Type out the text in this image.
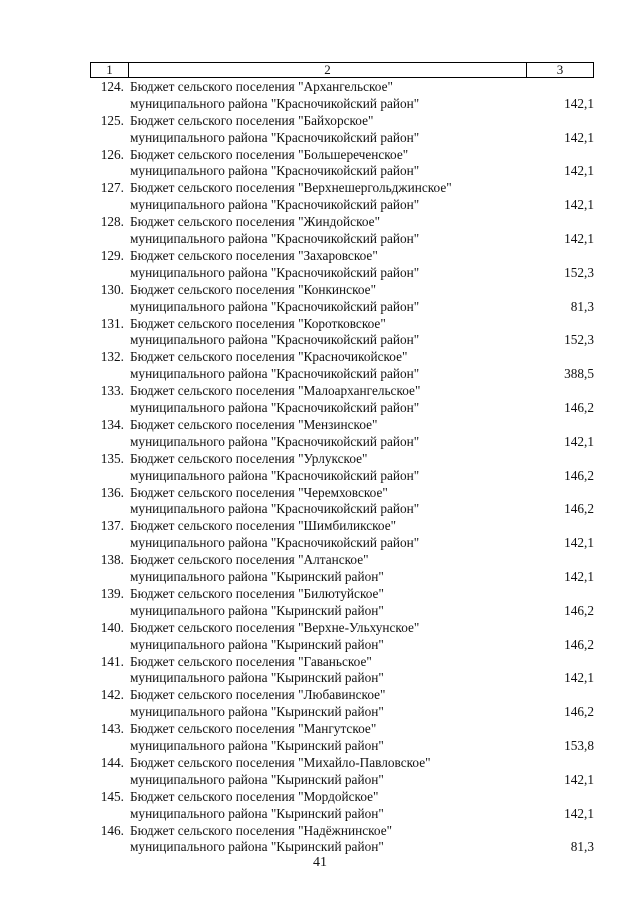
1	2	3
124. Бюджет сельского поселения "Архангельское"
муниципального района "Красночикойский район"	142,1
125. Бюджет сельского поселения "Байхорское"
муниципального района "Красночикойский район"	142,1
126. Бюджет сельского поселения "Большереченское"
муниципального района "Красночикойский район"	142,1
127. Бюджет сельского поселения "Верхнешергольджинское"
муниципального района "Красночикойский район"	142,1
128. Бюджет сельского поселения "Жиндойское"
муниципального района "Красночикойский район"	142,1
129. Бюджет сельского поселения "Захаровское"
муниципального района "Красночикойский район"	152,3
130. Бюджет сельского поселения "Конкинское"
муниципального района "Красночикойский район"	81,3
131. Бюджет сельского поселения "Коротковское"
муниципального района "Красночикойский район"	152,3
132. Бюджет сельского поселения "Красночикойское"
муниципального района "Красночикойский район"	388,5
133. Бюджет сельского поселения "Малоархангельское"
муниципального района "Красночикойский район"	146,2
134. Бюджет сельского поселения "Мензинское"
муниципального района "Красночикойский район"	142,1
135. Бюджет сельского поселения "Урлукское"
муниципального района "Красночикойский район"	146,2
136. Бюджет сельского поселения "Черемховское"
муниципального района "Красночикойский район"	146,2
137. Бюджет сельского поселения "Шимбиликское"
муниципального района "Красночикойский район"	142,1
138. Бюджет сельского поселения "Алтанское"
муниципального района "Кыринский район"	142,1
139. Бюджет сельского поселения "Билютуйское"
муниципального района "Кыринский район"	146,2
140. Бюджет сельского поселения "Верхне-Ульхунское"
муниципального района "Кыринский район"	146,2
141. Бюджет сельского поселения "Гаваньское"
муниципального района "Кыринский район"	142,1
142. Бюджет сельского поселения "Любавинское"
муниципального района "Кыринский район"	146,2
143. Бюджет сельского поселения "Мангутское"
муниципального района "Кыринский район"	153,8
144. Бюджет сельского поселения "Михайло-Павловское"
муниципального района "Кыринский район"	142,1
145. Бюджет сельского поселения "Мордойское"
муниципального района "Кыринский район"	142,1
146. Бюджет сельского поселения "Надёжнинское"
муниципального района "Кыринский район"	81,3
41
